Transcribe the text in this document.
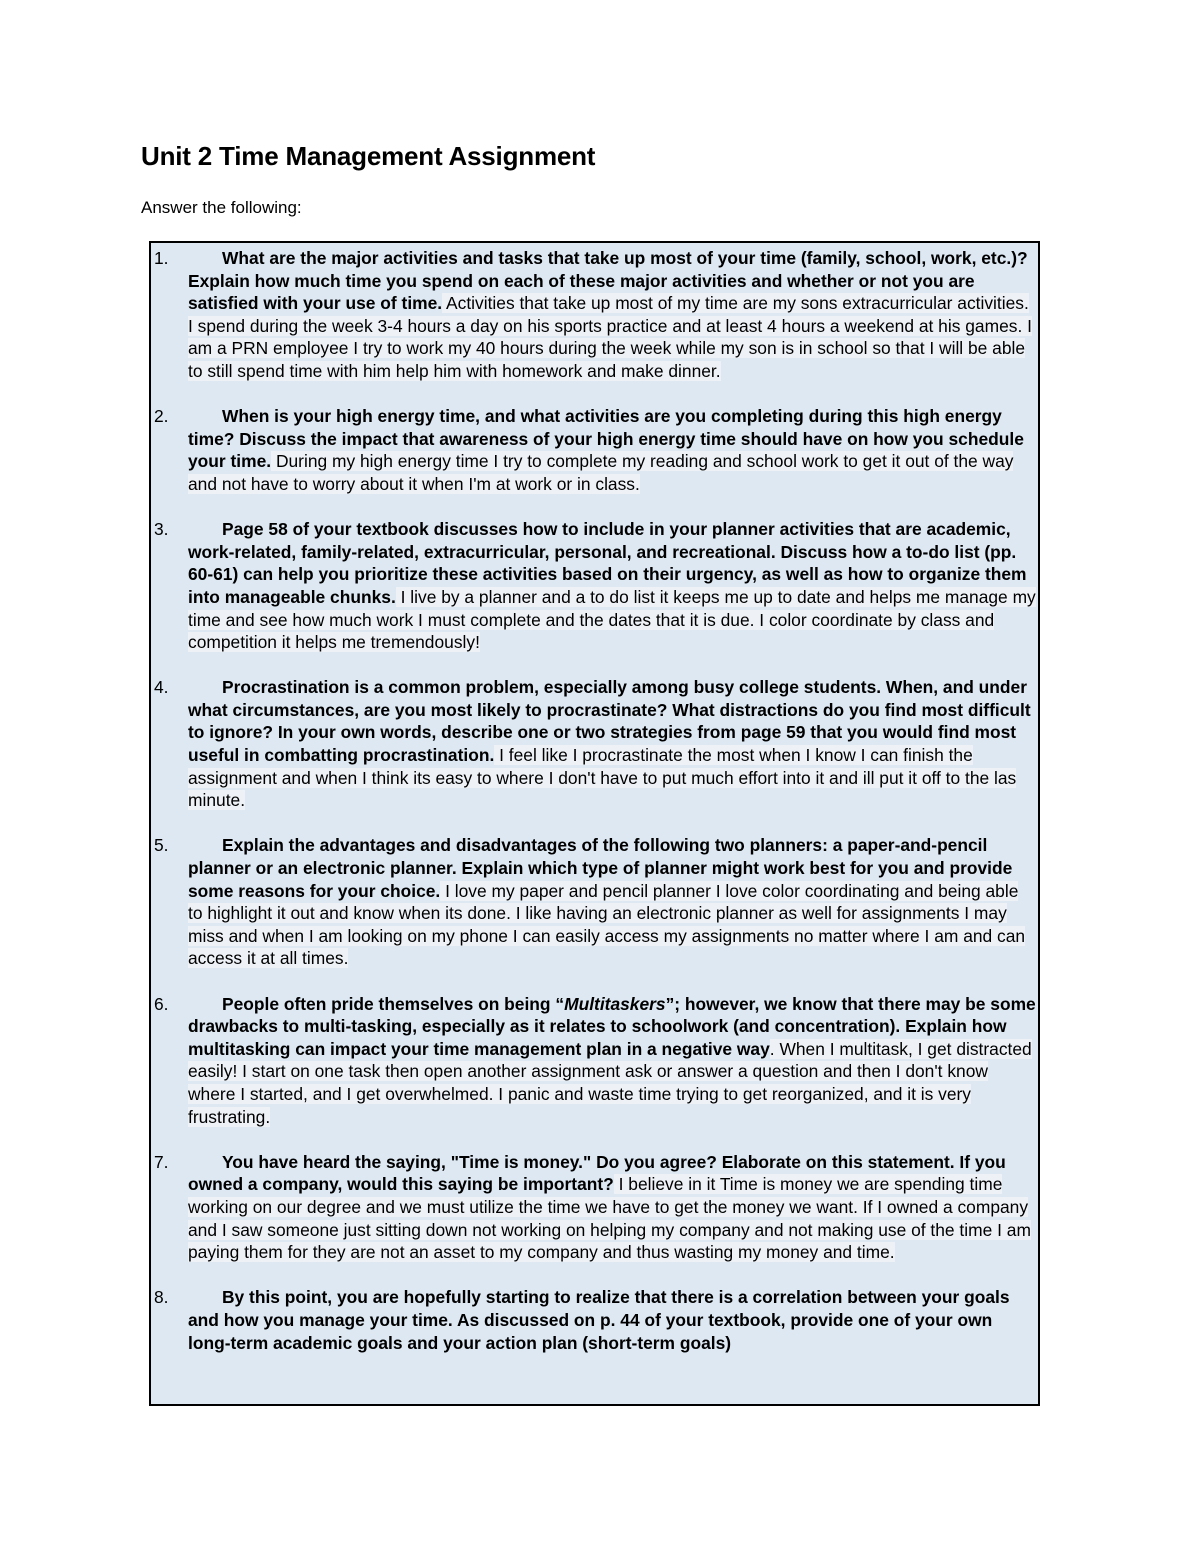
Unit 2 Time Management Assignment
Answer the following:
1.	What are the major activities and tasks that take up most of your time (family, school, work, etc.)? Explain how much time you spend on each of these major activities and whether or not you are satisfied with your use of time. Activities that take up most of my time are my sons extracurricular activities. I spend during the week 3-4 hours a day on his sports practice and at least 4 hours a weekend at his games. I am a PRN employee I try to work my 40 hours during the week while my son is in school so that I will be able to still spend time with him help him with homework and make dinner.
2.	When is your high energy time, and what activities are you completing during this high energy time? Discuss the impact that awareness of your high energy time should have on how you schedule your time. During my high energy time I try to complete my reading and school work to get it out of the way and not have to worry about it when I'm at work or in class.
3.	Page 58 of your textbook discusses how to include in your planner activities that are academic, work-related, family-related, extracurricular, personal, and recreational. Discuss how a to-do list (pp. 60-61) can help you prioritize these activities based on their urgency, as well as how to organize them into manageable chunks. I live by a planner and a to do list it keeps me up to date and helps me manage my time and see how much work I must complete and the dates that it is due. I color coordinate by class and competition it helps me tremendously!
4.	Procrastination is a common problem, especially among busy college students. When, and under what circumstances, are you most likely to procrastinate? What distractions do you find most difficult to ignore? In your own words, describe one or two strategies from page 59 that you would find most useful in combatting procrastination. I feel like I procrastinate the most when I know I can finish the assignment and when I think its easy to where I don't have to put much effort into it and ill put it off to the las minute.
5.	Explain the advantages and disadvantages of the following two planners: a paper-and-pencil planner or an electronic planner. Explain which type of planner might work best for you and provide some reasons for your choice. I love my paper and pencil planner I love color coordinating and being able to highlight it out and know when its done. I like having an electronic planner as well for assignments I may miss and when I am looking on my phone I can easily access my assignments no matter where I am and can access it at all times.
6.	People often pride themselves on being “Multitaskers”; however, we know that there may be some drawbacks to multi-tasking, especially as it relates to schoolwork (and concentration). Explain how multitasking can impact your time management plan in a negative way. When I multitask, I get distracted easily! I start on one task then open another assignment ask or answer a question and then I don't know where I started, and I get overwhelmed. I panic and waste time trying to get reorganized, and it is very frustrating.
7.	You have heard the saying, "Time is money." Do you agree? Elaborate on this statement. If you owned a company, would this saying be important? I believe in it Time is money we are spending time working on our degree and we must utilize the time we have to get the money we want. If I owned a company and I saw someone just sitting down not working on helping my company and not making use of the time I am paying them for they are not an asset to my company and thus wasting my money and time.
8.	By this point, you are hopefully starting to realize that there is a correlation between your goals and how you manage your time. As discussed on p. 44 of your textbook, provide one of your own long-term academic goals and your action plan (short-term goals)
